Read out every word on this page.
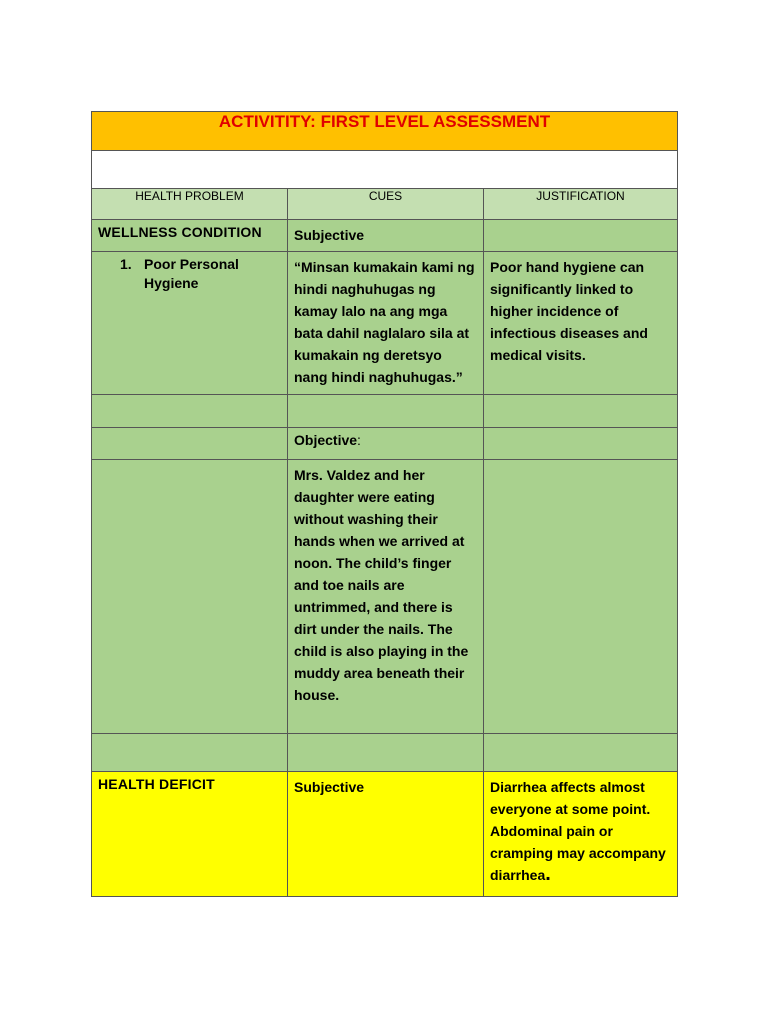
ACTIVITITY: FIRST LEVEL ASSESSMENT		

HEALTH PROBLEM	CUES	JUSTIFICATION

WELLNESS CONDITION	Subjective	

1. Poor Personal Hygiene	“Minsan kumakain kami ng hindi naghuhugas ng kamay lalo na ang mga bata dahil naglalaro sila at kumakain ng deretsyo nang hindi naghuhugas.”	Poor hand hygiene can significantly linked to higher incidence of infectious diseases and medical visits.

	Objective:	

	Mrs. Valdez and her daughter were eating without washing their hands when we arrived at noon. The child’s finger and toe nails are untrimmed, and there is dirt under the nails. The child is also playing in the muddy area beneath their house.	

HEALTH DEFICIT	Subjective	Diarrhea affects almost everyone at some point. Abdominal pain or cramping may accompany diarrhea.
